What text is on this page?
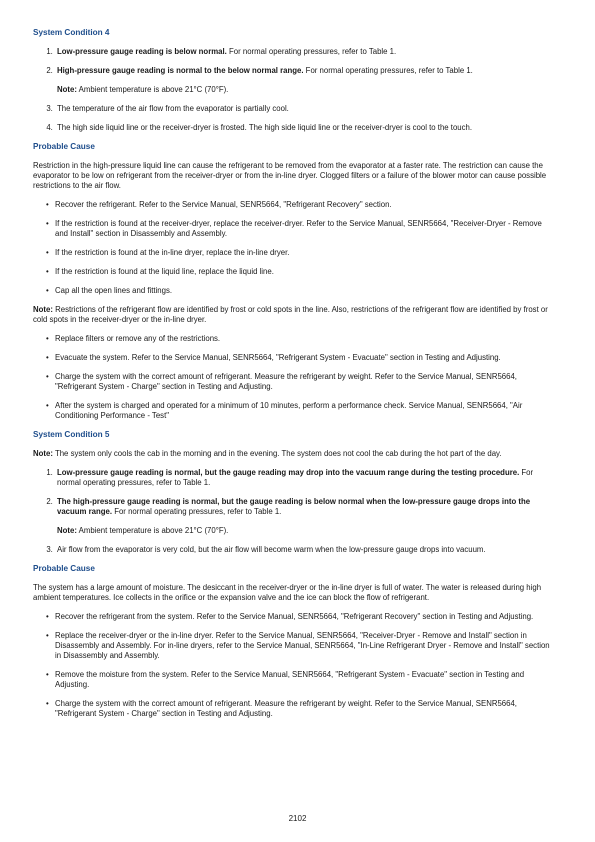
System Condition 4
1. Low-pressure gauge reading is below normal. For normal operating pressures, refer to Table 1.
2. High-pressure gauge reading is normal to the below normal range. For normal operating pressures, refer to Table 1.
Note: Ambient temperature is above 21°C (70°F).
3. The temperature of the air flow from the evaporator is partially cool.
4. The high side liquid line or the receiver-dryer is frosted. The high side liquid line or the receiver-dryer is cool to the touch.
Probable Cause

Restriction in the high-pressure liquid line can cause the refrigerant to be removed from the evaporator at a faster rate. The restriction can cause the evaporator to be low on refrigerant from the receiver-dryer or from the in-line dryer. Clogged filters or a failure of the blower motor can cause possible restrictions to the air flow.

• Recover the refrigerant. Refer to the Service Manual, SENR5664, "Refrigerant Recovery" section.
• If the restriction is found at the receiver-dryer, replace the receiver-dryer. Refer to the Service Manual, SENR5664, "Receiver-Dryer - Remove and Install" section in Disassembly and Assembly.
• If the restriction is found at the in-line dryer, replace the in-line dryer.
• If the restriction is found at the liquid line, replace the liquid line.
• Cap all the open lines and fittings.

Note: Restrictions of the refrigerant flow are identified by frost or cold spots in the line. Also, restrictions of the refrigerant flow are identified by frost or cold spots in the receiver-dryer or the in-line dryer.

• Replace filters or remove any of the restrictions.
• Evacuate the system. Refer to the Service Manual, SENR5664, "Refrigerant System - Evacuate" section in Testing and Adjusting.
• Charge the system with the correct amount of refrigerant. Measure the refrigerant by weight. Refer to the Service Manual, SENR5664, "Refrigerant System - Charge" section in Testing and Adjusting.
• After the system is charged and operated for a minimum of 10 minutes, perform a performance check. Service Manual, SENR5664, "Air Conditioning Performance - Test"
System Condition 5

Note: The system only cools the cab in the morning and in the evening. The system does not cool the cab during the hot part of the day.

1. Low-pressure gauge reading is normal, but the gauge reading may drop into the vacuum range during the testing procedure. For normal operating pressures, refer to Table 1.
2. The high-pressure gauge reading is normal, but the gauge reading is below normal when the low-pressure gauge drops into the vacuum range. For normal operating pressures, refer to Table 1.
Note: Ambient temperature is above 21°C (70°F).
3. Air flow from the evaporator is very cold, but the air flow will become warm when the low-pressure gauge drops into vacuum.
Probable Cause

The system has a large amount of moisture. The desiccant in the receiver-dryer or the in-line dryer is full of water. The water is released during high ambient temperatures. Ice collects in the orifice or the expansion valve and the ice can block the flow of refrigerant.

• Recover the refrigerant from the system. Refer to the Service Manual, SENR5664, "Refrigerant Recovery" section in Testing and Adjusting.
• Replace the receiver-dryer or the in-line dryer. Refer to the Service Manual, SENR5664, "Receiver-Dryer - Remove and Install" section in Disassembly and Assembly. For in-line dryers, refer to the Service Manual, SENR5664, "In-Line Refrigerant Dryer - Remove and Install" section in Disassembly and Assembly.
• Remove the moisture from the system. Refer to the Service Manual, SENR5664, "Refrigerant System - Evacuate" section in Testing and Adjusting.
• Charge the system with the correct amount of refrigerant. Measure the refrigerant by weight. Refer to the Service Manual, SENR5664, "Refrigerant System - Charge" section in Testing and Adjusting.
2102
